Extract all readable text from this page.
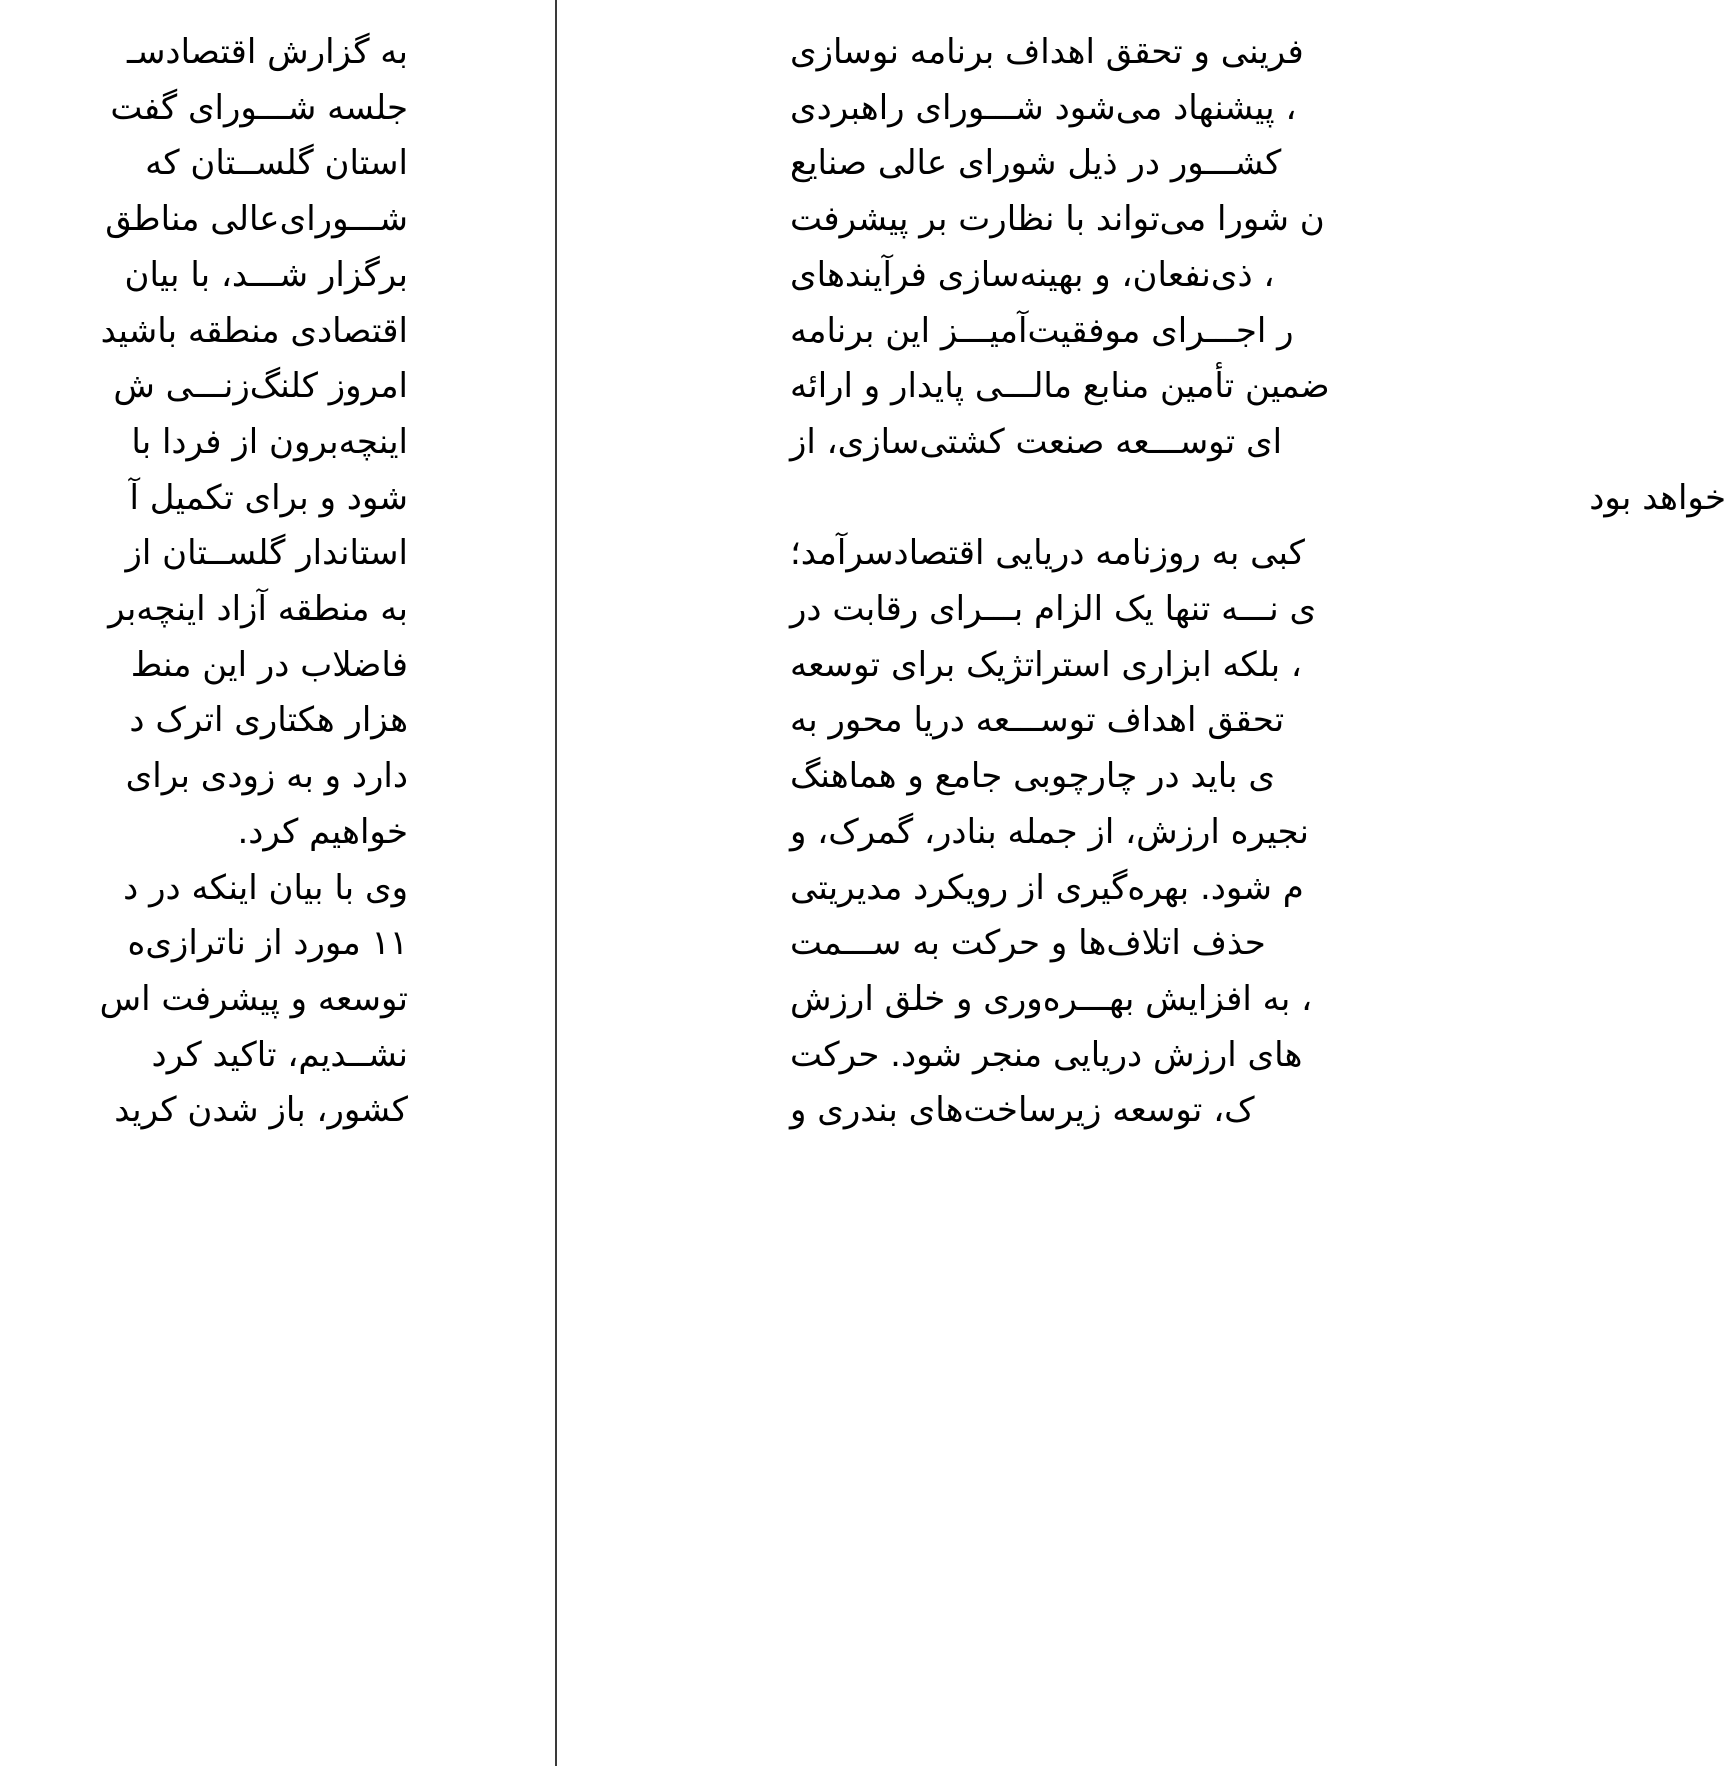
به گزارش اقتصادسـ
جلسه شـــورای گفت
استان گلســتان که
شـــورای‌عالی مناطق
برگزار شـــد، با بیان
اقتصادی منطقه باشید
امروز کلنگ‌زنـــی ش
اینچه‌برون از فردا با
شود و برای تکمیل آ
استاندار گلســتان از
به منطقه آزاد اینچه‌بر
فاضلاب در این منط
هزار هکتاری اترک د
دارد و به زودی برای
خواهیم کرد.
وی با بیان اینکه در د
۱۱ مورد از ناترازی‌ه
توسعه و پیشرفت اس
نشــدیم، تاکید کرد
کشور، باز شدن کرید
فرینی و تحقق اهداف برنامه نوسازی
، پیشنهاد می‌شود شـــورای راهبردی
کشـــور در ذیل شورای عالی صنایع
ن شورا می‌تواند با نظارت بر پیشرفت
، ذی‌نفعان، و بهینه‌سازی فرآیندهای
ر اجـــرای موفقیت‌آمیـــز این برنامه
ضمین تأمین منابع مالـــی پایدار و ارائه
ای توســـعه صنعت کشتی‌سازی، از
خواهد بود
کبی به روزنامه دریایی اقتصادسرآمد؛
ی نـــه تنها یک الزام بـــرای رقابت در
، بلکه ابزاری استراتژیک برای توسعه
تحقق اهداف توســـعه دریا محور به
ی باید در چارچوبی جامع و هماهنگ
نجیره ارزش، از جمله بنادر، گمرک، و
م شود. بهره‌گیری از رویکرد مدیریتی
حذف اتلاف‌ها و حرکت به ســـمت
، به افزایش بهـــره‌وری و خلق ارزش
های ارزش دریایی منجر شود. حرکت
ک، توسعه زیرساخت‌های بندری و
